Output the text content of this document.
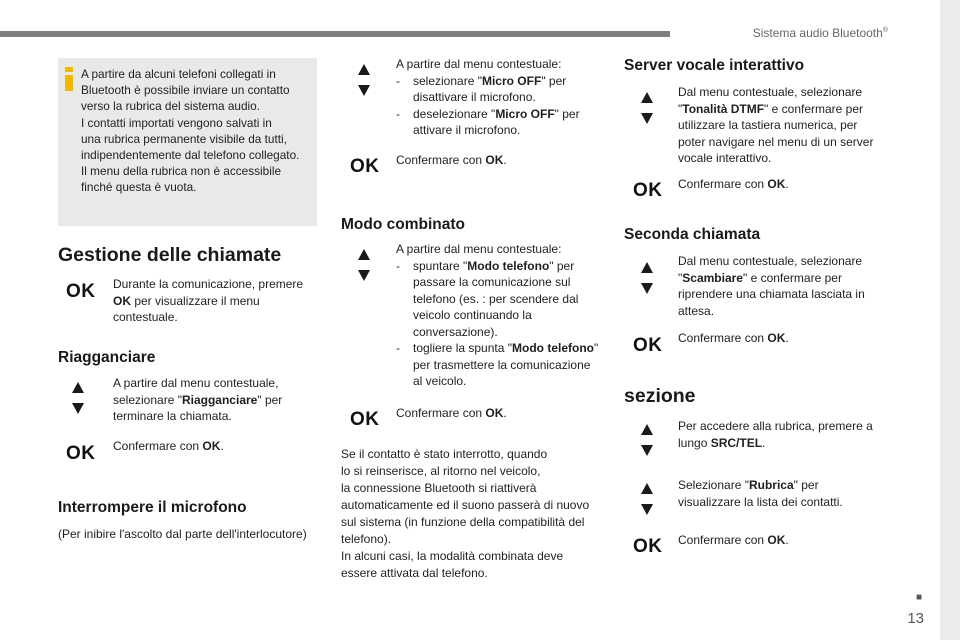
Sistema audio Bluetooth®

A partire da alcuni telefoni collegati in
Bluetooth è possibile inviare un contatto
verso la rubrica del sistema audio.
I contatti importati vengono salvati in
una rubrica permanente visibile da tutti,
indipendentemente dal telefono collegato.
Il menu della rubrica non è accessibile
finché questa è vuota.

Gestione delle chiamate
OK Durante la comunicazione, premere
OK per visualizzare il menu contestuale.

Riagganciare

A partire dal menu contestuale, selezionare "Riagganciare" per terminare la chiamata.

OK Confermare con OK.

Interrompere il microfono

(Per inibire l'ascolto dal parte dell'interlocutore)

A partire dal menu contestuale:

- selezionare "Micro OFF" per disattivare il microfono.

- deselezionare "Micro OFF" per attivare il microfono.

OK Confermare con OK.

Modo combinato

A partire dal menu contestuale:

- spuntare "Modo telefono" per passare la comunicazione sul telefono (es. : per scendere dal veicolo continuando la conversazione).

- togliere la spunta "Modo telefono" per trasmettere la comunicazione al veicolo.

OK Confermare con OK.

Se il contatto è stato interrotto, quando
lo si reinserisce, al ritorno nel veicolo,
la connessione Bluetooth si riattiverà
automaticamente ed il suono passerà di nuovo
sul sistema (in funzione della compatibilità del
telefono).
In alcuni casi, la modalità combinata deve
essere attivata dal telefono.

Server vocale interattivo

Dal menu contestuale, selezionare "Tonalità DTMF" e confermare per utilizzare la tastiera numerica, per poter navigare nel menu di un server vocale interattivo.

OK Confermare con OK.

Seconda chiamata

Dal menu contestuale, selezionare "Scambiare" e confermare per riprendere una chiamata lasciata in attesa.

OK Confermare con OK.

sezione

Per accedere alla rubrica, premere a lungo SRC/TEL.

Selezionare "Rubrica" per visualizzare la lista dei contatti.

OK Confermare con OK.

■
13
